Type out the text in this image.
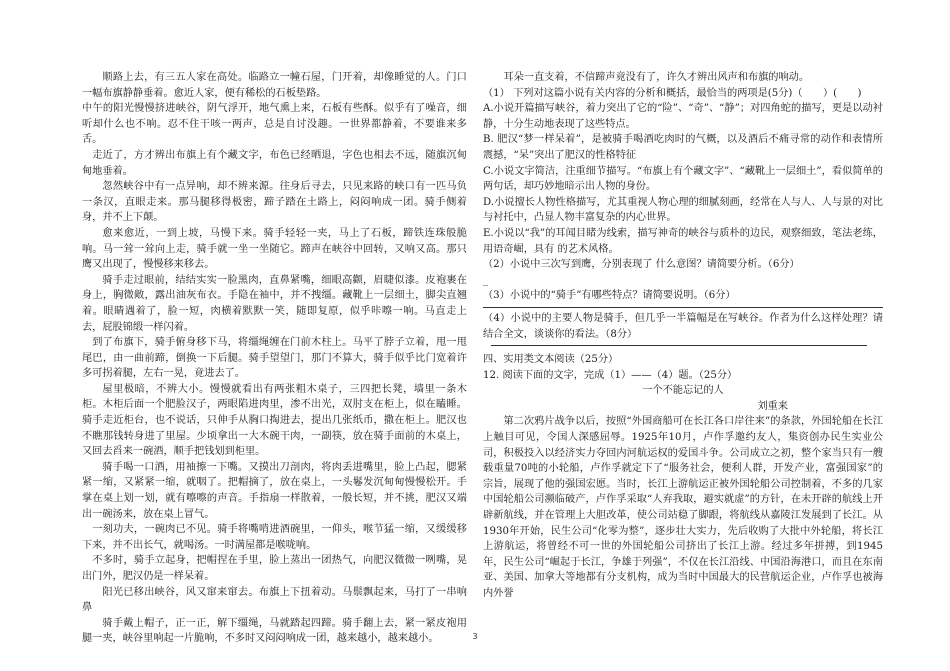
顺路上去，有三五人家在高处。临路立一幢石屋，门开着，却像睡觉的人。门口一幅布旗静静垂着。愈近人家，便有稀松的石板垫路。

中午的阳光慢慢挤进峡谷，阴气浮开，地气熏上来，石板有些酥。似乎有了噪音，细听却什么也不响。忍不住干咳一两声，总是自讨没趣。一世界都静着，不要谁来多舌。

走近了，方才辨出布旗上有个藏文字，布色已经晒退，字色也相去不远，随旗沉甸甸地垂着。

忽然峡谷中有一点异响，却不辨来源。往身后寻去，只见来路的峡口有一匹马负一条汉，直眼走来。那马腿移得极密，蹄子踏在土路上，闷闷响成一团。骑手侧着身，并不上下颠。

愈来愈近，一到上坡，马慢下来。骑手轻轻一夹，马上了石板，蹄铁连珠般脆响。马一耸一耸向上走，骑手就一坐一坐随它。蹄声在峡谷中回转，又响又高。那只鹰又出现了，慢慢移来移去。

骑手走过眼前，结结实实一脸黑肉，直鼻紧嘴，细眼高颧，眉睫似漆。皮袍裹在身上，胸微敞，露出油灰布衣。手隐在袖中，并不拽缰。藏靴上一层细土，脚尖直翘着。眼睛遇着了，脸一短，肉横着默默一笑，随即复原，似乎咔嚓一响。马直走上去，屁股锦缎一样闪着。

到了布旗下，骑手俯身移下马，将缰绳缠在门前木柱上。马平了脖子立着，甩一甩尾巴，由一曲前蹄，倒换一下后腿。骑手望望门，那门不算大，骑手似乎比门宽着许多可拐着腿，左右一晃，竟进去了。

屋里极暗，不辨大小。慢慢就看出有两张粗木桌子，三四把长凳，墙里一条木柜。木柜后面一个肥脸汉子，两眼陷进肉里，渗不出光，双肘支在柜上，似在瞌睡。骑手走近柜台，也不说话，只伸手从胸口掏进去，提出几张纸币，撒在柜上。肥汉也不瞧那钱转身进了里屋。少顷拿出一大木碗干肉，一副筷，放在骑手面前的木桌上，又回去舀来一碗酒，顺手把钱划到柜里。

骑手喝一口酒，用袖擦一下嘴。又摸出刀剖肉，将肉丢进嘴里，脸上凸起，腮紧紧一缩，又紧紧一缩，就咽了。把帽摘了，放在桌上，一头鬈发沉甸甸慢慢松开。手掌在桌上划一划，就有嚓嚓的声音。手指扇一样散着，一般长短，并不挑，肥汉又端出一碗汤来，放在桌上冒气。

一刻功夫，一碗肉已不见。骑手将嘴啃进酒碗里，一仰头，喉节猛一缩，又缓缓移下来，并不出长气，就喝汤。一时满屋都是喉咙响。

不多时，骑手立起身，把帽捏在手里，脸上蒸出一团热气，向肥汉微微一咧嘴，晃出门外，肥汉仍是一样呆着。

阳光已移出峡谷，风又窜来窜去。布旗上下扭着动。马鬃飘起来，马打了一串响鼻

骑手戴上帽子，正一正，解下缰绳，马就踏起四蹄。骑手翻上去，紧一紧皮袍用腿一夹，峡谷里响起一片脆响，不多时又闷闷响成一团，越来越小，越来越小。

耳朵一直支着，不信蹄声竟没有了，许久才辨出风声和布旗的响动。

（1） 下列对这篇小说有关内容的分析和概括，最恰当的两项是(5分)（　　）(　　)

A.小说开篇描写峡谷，着力突出了它的“险”、“奇”、“静”；对四角蛇的描写，更是以动衬静，十分生动地表现了这些特点。

B. 肥汉“梦一样呆着”，是被骑手喝酒吃肉时的气概，以及酒后不痛寻常的动作和表情所震撼，“呆”突出了肥汉的性格特征

C.小说文字简洁，注重细节描写。“布旗上有个藏文字”、“藏靴上一层细土”，看似简单的两句话，却巧妙地暗示出人物的身份。

D.小说擅长人物性格描写，尤其重视人物心理的细腻刻画，经常在人与人、人与景的对比与衬托中，凸显人物丰富复杂的内心世界。

E.小说以“我”的耳闻目睹为线索，描写神奇的峡谷与质朴的边民，观察细致，笔法老练，用语奇崛，具有 的艺术风格。

（2）小说中三次写到鹰，分别表现了 什么意图？请简要分析。（6分）

_

（3）小说中的“骑手”有哪些特点？请简要说明。（6分）

（4）小说中的主要人物是骑手，但几乎一半篇幅是在写峡谷。作者为什么这样处理？请结合全文，谈谈你的看法。（8分）

四、实用类文本阅读（25分）

12. 阅读下面的文字，完成（1）——（4）题。（25分）

一个不能忘记的人

刘重来

第二次鸦片战争以后，按照“外国商船可在长江各口岸往来”的条款，外国轮船在长江上触目可见，令国人深感屈辱。1925年10月，卢作孚邀约友人，集资创办民生实业公司，积极投入以经济实力夺回内河航运权的爱国斗争。公司成立之初，整个家当只有一艘载重量70吨的小轮船，卢作孚就定下了“服务社会，便利人群，开发产业，富强国家”的宗旨，展现了他的强国宏愿。当时，长江上游航运正被外国轮船公司控制着，不多的几家中国轮船公司濒临破产，卢作孚采取“人弃我取，避实就虚”的方针，在未开辟的航线上开辟新航线，并在管理上大胆改革，使公司站稳了脚跟，将航线从嘉陵江发展到了长江。从 1930年开始，民生公司“化零为整”，逐步壮大实力，先后收购了大批中外轮船，将长江上游航运，将曾经不可一世的外国轮船公司挤出了长江上游。经过多年拼搏，到1945年，民生公司“崛起于长江，争雄于列强”，不仅在长江沿线、中国沿海港口，而且在东南亚、美国、加拿大等地都有分支机构，成为当时中国最大的民营航运企业，卢作孚也被海内外誉

3
